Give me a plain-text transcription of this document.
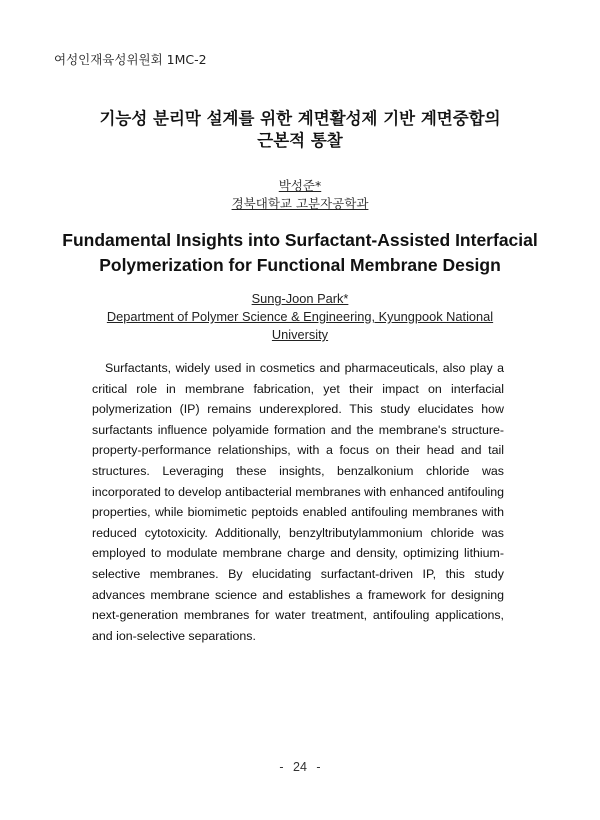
여성인재육성위원회 1MC-2
기능성 분리막 설계를 위한 계면활성제 기반 계면중합의
근본적 통찰
박성준*
경북대학교 고분자공학과
Fundamental Insights into Surfactant-Assisted Interfacial
Polymerization for Functional Membrane Design
Sung-Joon Park*
Department of Polymer Science & Engineering, Kyungpook National
University

Surfactants, widely used in cosmetics and pharmaceuticals, also play a critical role in membrane fabrication, yet their impact on interfacial polymerization (IP) remains underexplored. This study elucidates how surfactants influence polyamide formation and the membrane's structure-property-performance relationships, with a focus on their head and tail structures. Leveraging these insights, benzalkonium chloride was incorporated to develop antibacterial membranes with enhanced antifouling properties, while biomimetic peptoids enabled antifouling membranes with reduced cytotoxicity. Additionally, benzyltributylammonium chloride was employed to modulate membrane charge and density, optimizing lithium-selective membranes. By elucidating surfactant-driven IP, this study advances membrane science and establishes a framework for designing next-generation membranes for water treatment, antifouling applications, and ion-selective separations.

- 24 -
